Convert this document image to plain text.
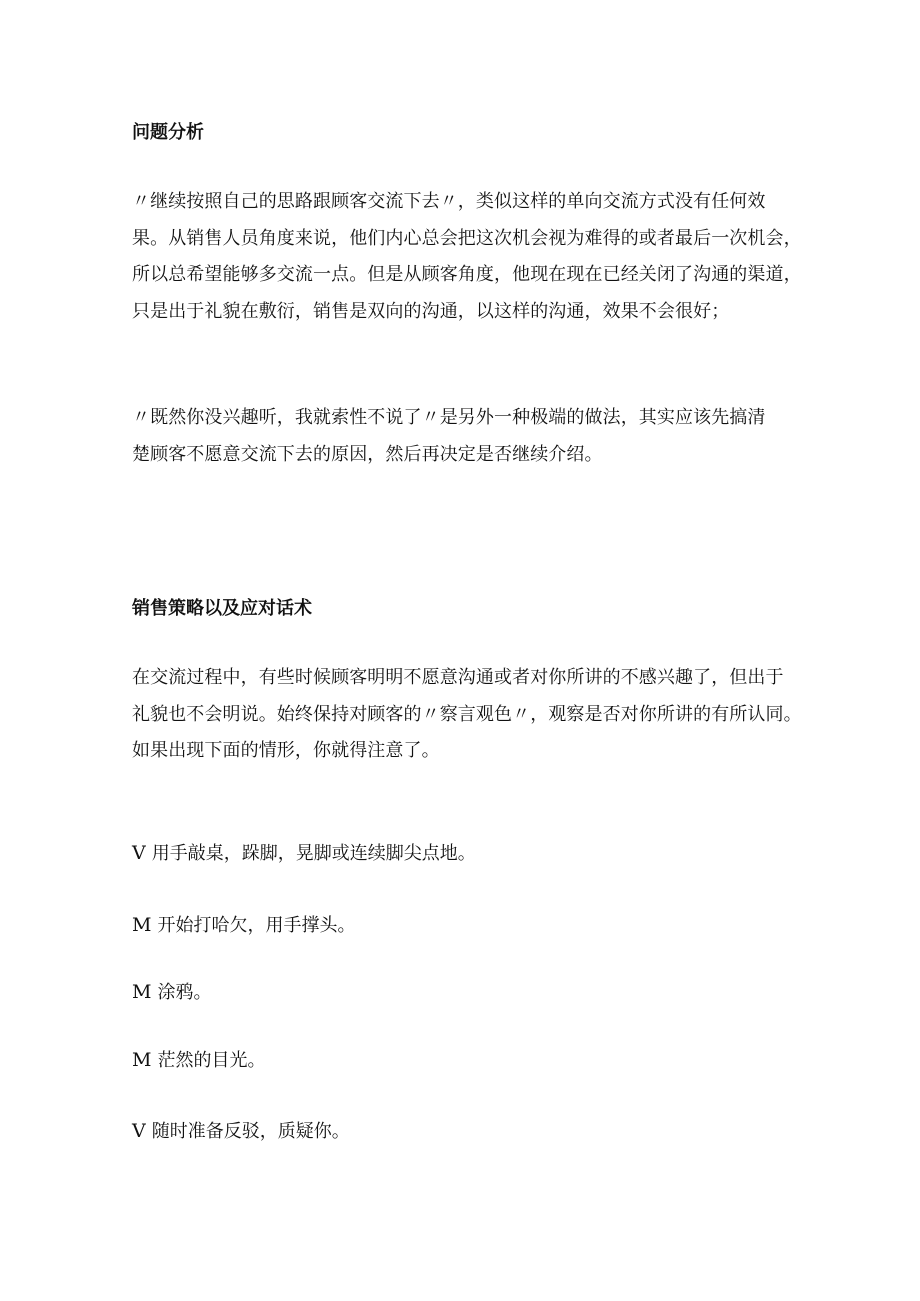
问题分析
〃继续按照自己的思路跟顾客交流下去〃，类似这样的单向交流方式没有任何效
果。从销售人员角度来说，他们内心总会把这次机会视为难得的或者最后一次机会，
所以总希望能够多交流一点。但是从顾客角度，他现在现在已经关闭了沟通的渠道，
只是出于礼貌在敷衍，销售是双向的沟通，以这样的沟通，效果不会很好；
〃既然你没兴趣听，我就索性不说了〃是另外一种极端的做法，其实应该先搞清
楚顾客不愿意交流下去的原因，然后再决定是否继续介绍。
销售策略以及应对话术
在交流过程中，有些时候顾客明明不愿意沟通或者对你所讲的不感兴趣了，但出于
礼貌也不会明说。始终保持对顾客的〃察言观色〃，观察是否对你所讲的有所认同。
如果出现下面的情形，你就得注意了。
V 用手敲桌，跺脚，晃脚或连续脚尖点地。
M 开始打哈欠，用手撑头。
M 涂鸦。
M 茫然的目光。
V 随时准备反驳，质疑你。
